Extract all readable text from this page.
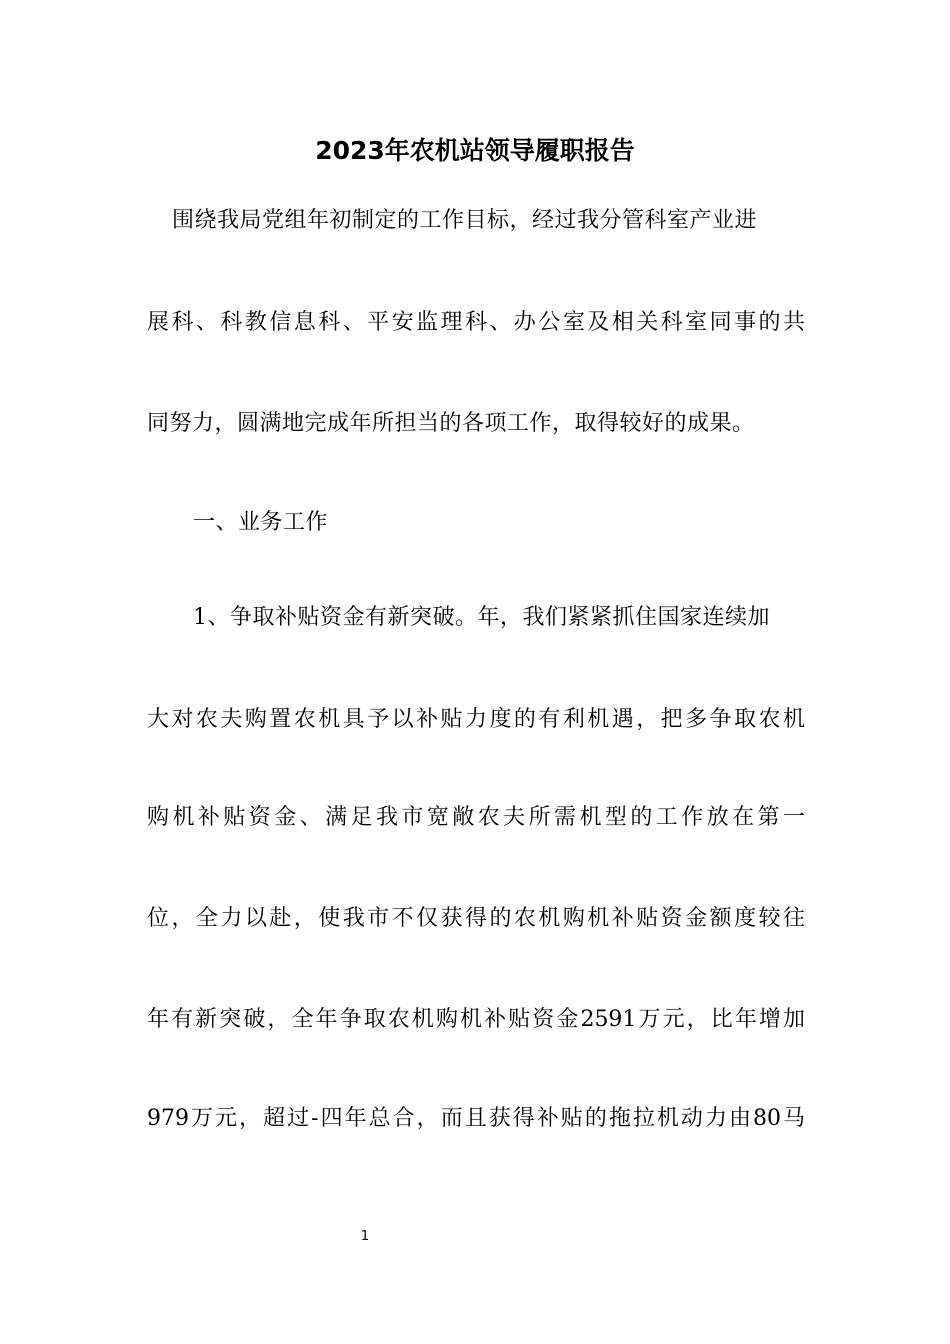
2023年农机站领导履职报告
围绕我局党组年初制定的工作目标，经过我分管科室产业进
展科、科教信息科、平安监理科、办公室及相关科室同事的共
同努力，圆满地完成年所担当的各项工作，取得较好的成果。
一、业务工作
1、争取补贴资金有新突破。年，我们紧紧抓住国家连续加
大对农夫购置农机具予以补贴力度的有利机遇，把多争取农机
购机补贴资金、满足我市宽敞农夫所需机型的工作放在第一
位，全力以赴，使我市不仅获得的农机购机补贴资金额度较往
年有新突破，全年争取农机购机补贴资金2591万元，比年增加
979万元，超过-四年总合，而且获得补贴的拖拉机动力由80马
1
